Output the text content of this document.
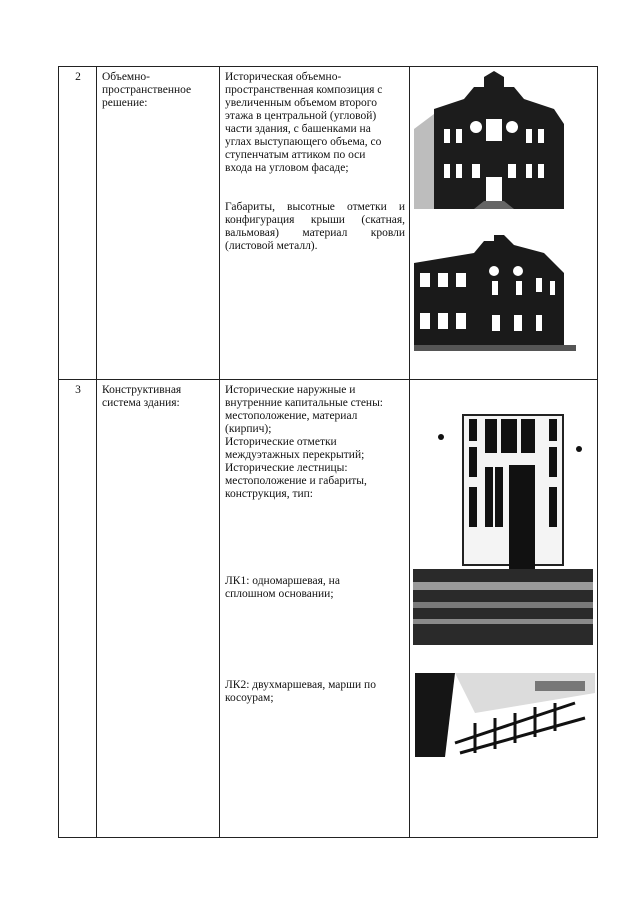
2	Объемно-
пространственное
решение:
Историческая объемно-
пространственная композиция с
увеличенным объемом второго
этажа в центральной (угловой)
части здания, с башенками на
углах выступающего объема, со
ступенчатым аттиком по оси
входа на угловом фасаде;
Габариты, высотные отметки и конфигурация крыши (скатная, вальмовая) материал кровли (листовой металл).
3	Конструктивная
система здания:
Исторические наружные и
внутренние капитальные стены:
местоположение, материал
(кирпич);
Исторические отметки
междуэтажных перекрытий;
Исторические лестницы:
местоположение и габариты,
конструкция, тип:
ЛК1: одномаршевая, на
сплошном основании;
ЛК2: двухмаршевая, марши по
косоурам;
